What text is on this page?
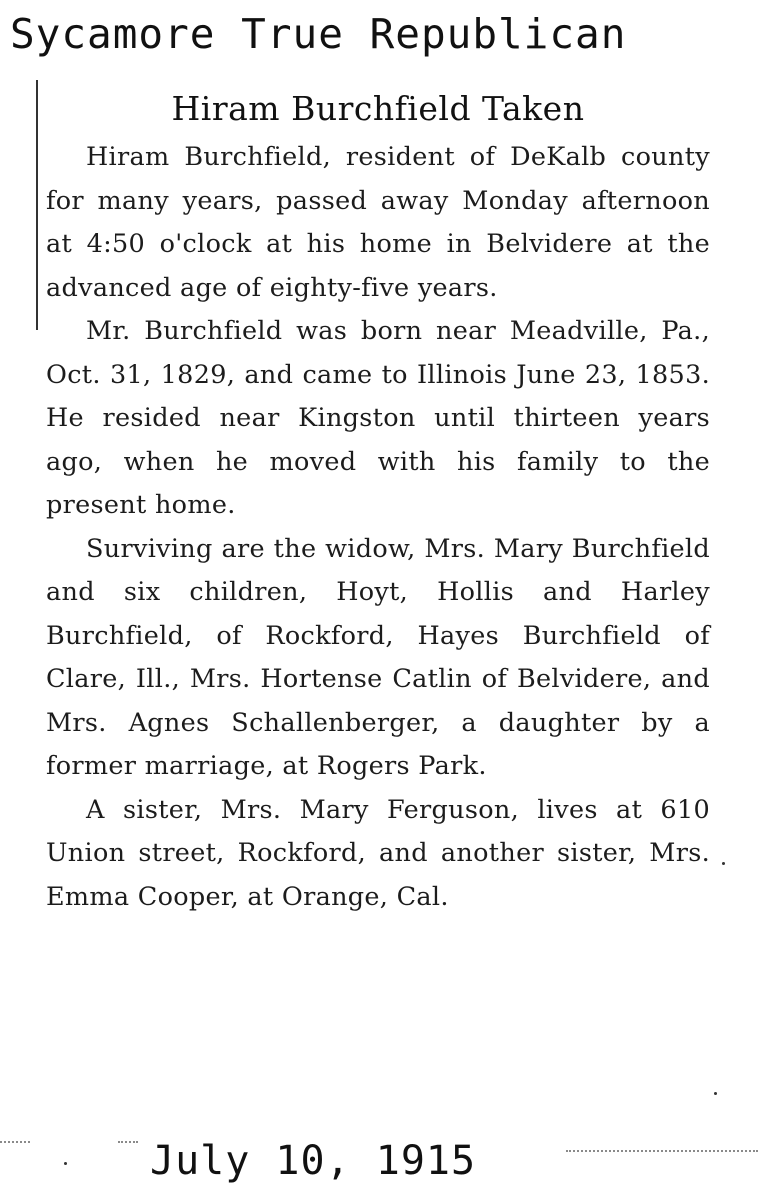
Sycamore True Republican
Hiram Burchfield Taken

Hiram Burchfield, resident of DeKalb county for many years, passed away Monday afternoon at 4:50 o'clock at his home in Belvidere at the advanced age of eighty-five years.

Mr. Burchfield was born near Meadville, Pa., Oct. 31, 1829, and came to Illinois June 23, 1853. He resided near Kingston until thirteen years ago, when he moved with his family to the present home.

Surviving are the widow, Mrs. Mary Burchfield and six children, Hoyt, Hollis and Harley Burchfield, of Rockford, Hayes Burchfield of Clare, Ill., Mrs. Hortense Catlin of Belvidere, and Mrs. Agnes Schallenberger, a daughter by a former marriage, at Rogers Park.

A sister, Mrs. Mary Ferguson, lives at 610 Union street, Rockford, and another sister, Mrs. Emma Cooper, at Orange, Cal.

July 10, 1915
